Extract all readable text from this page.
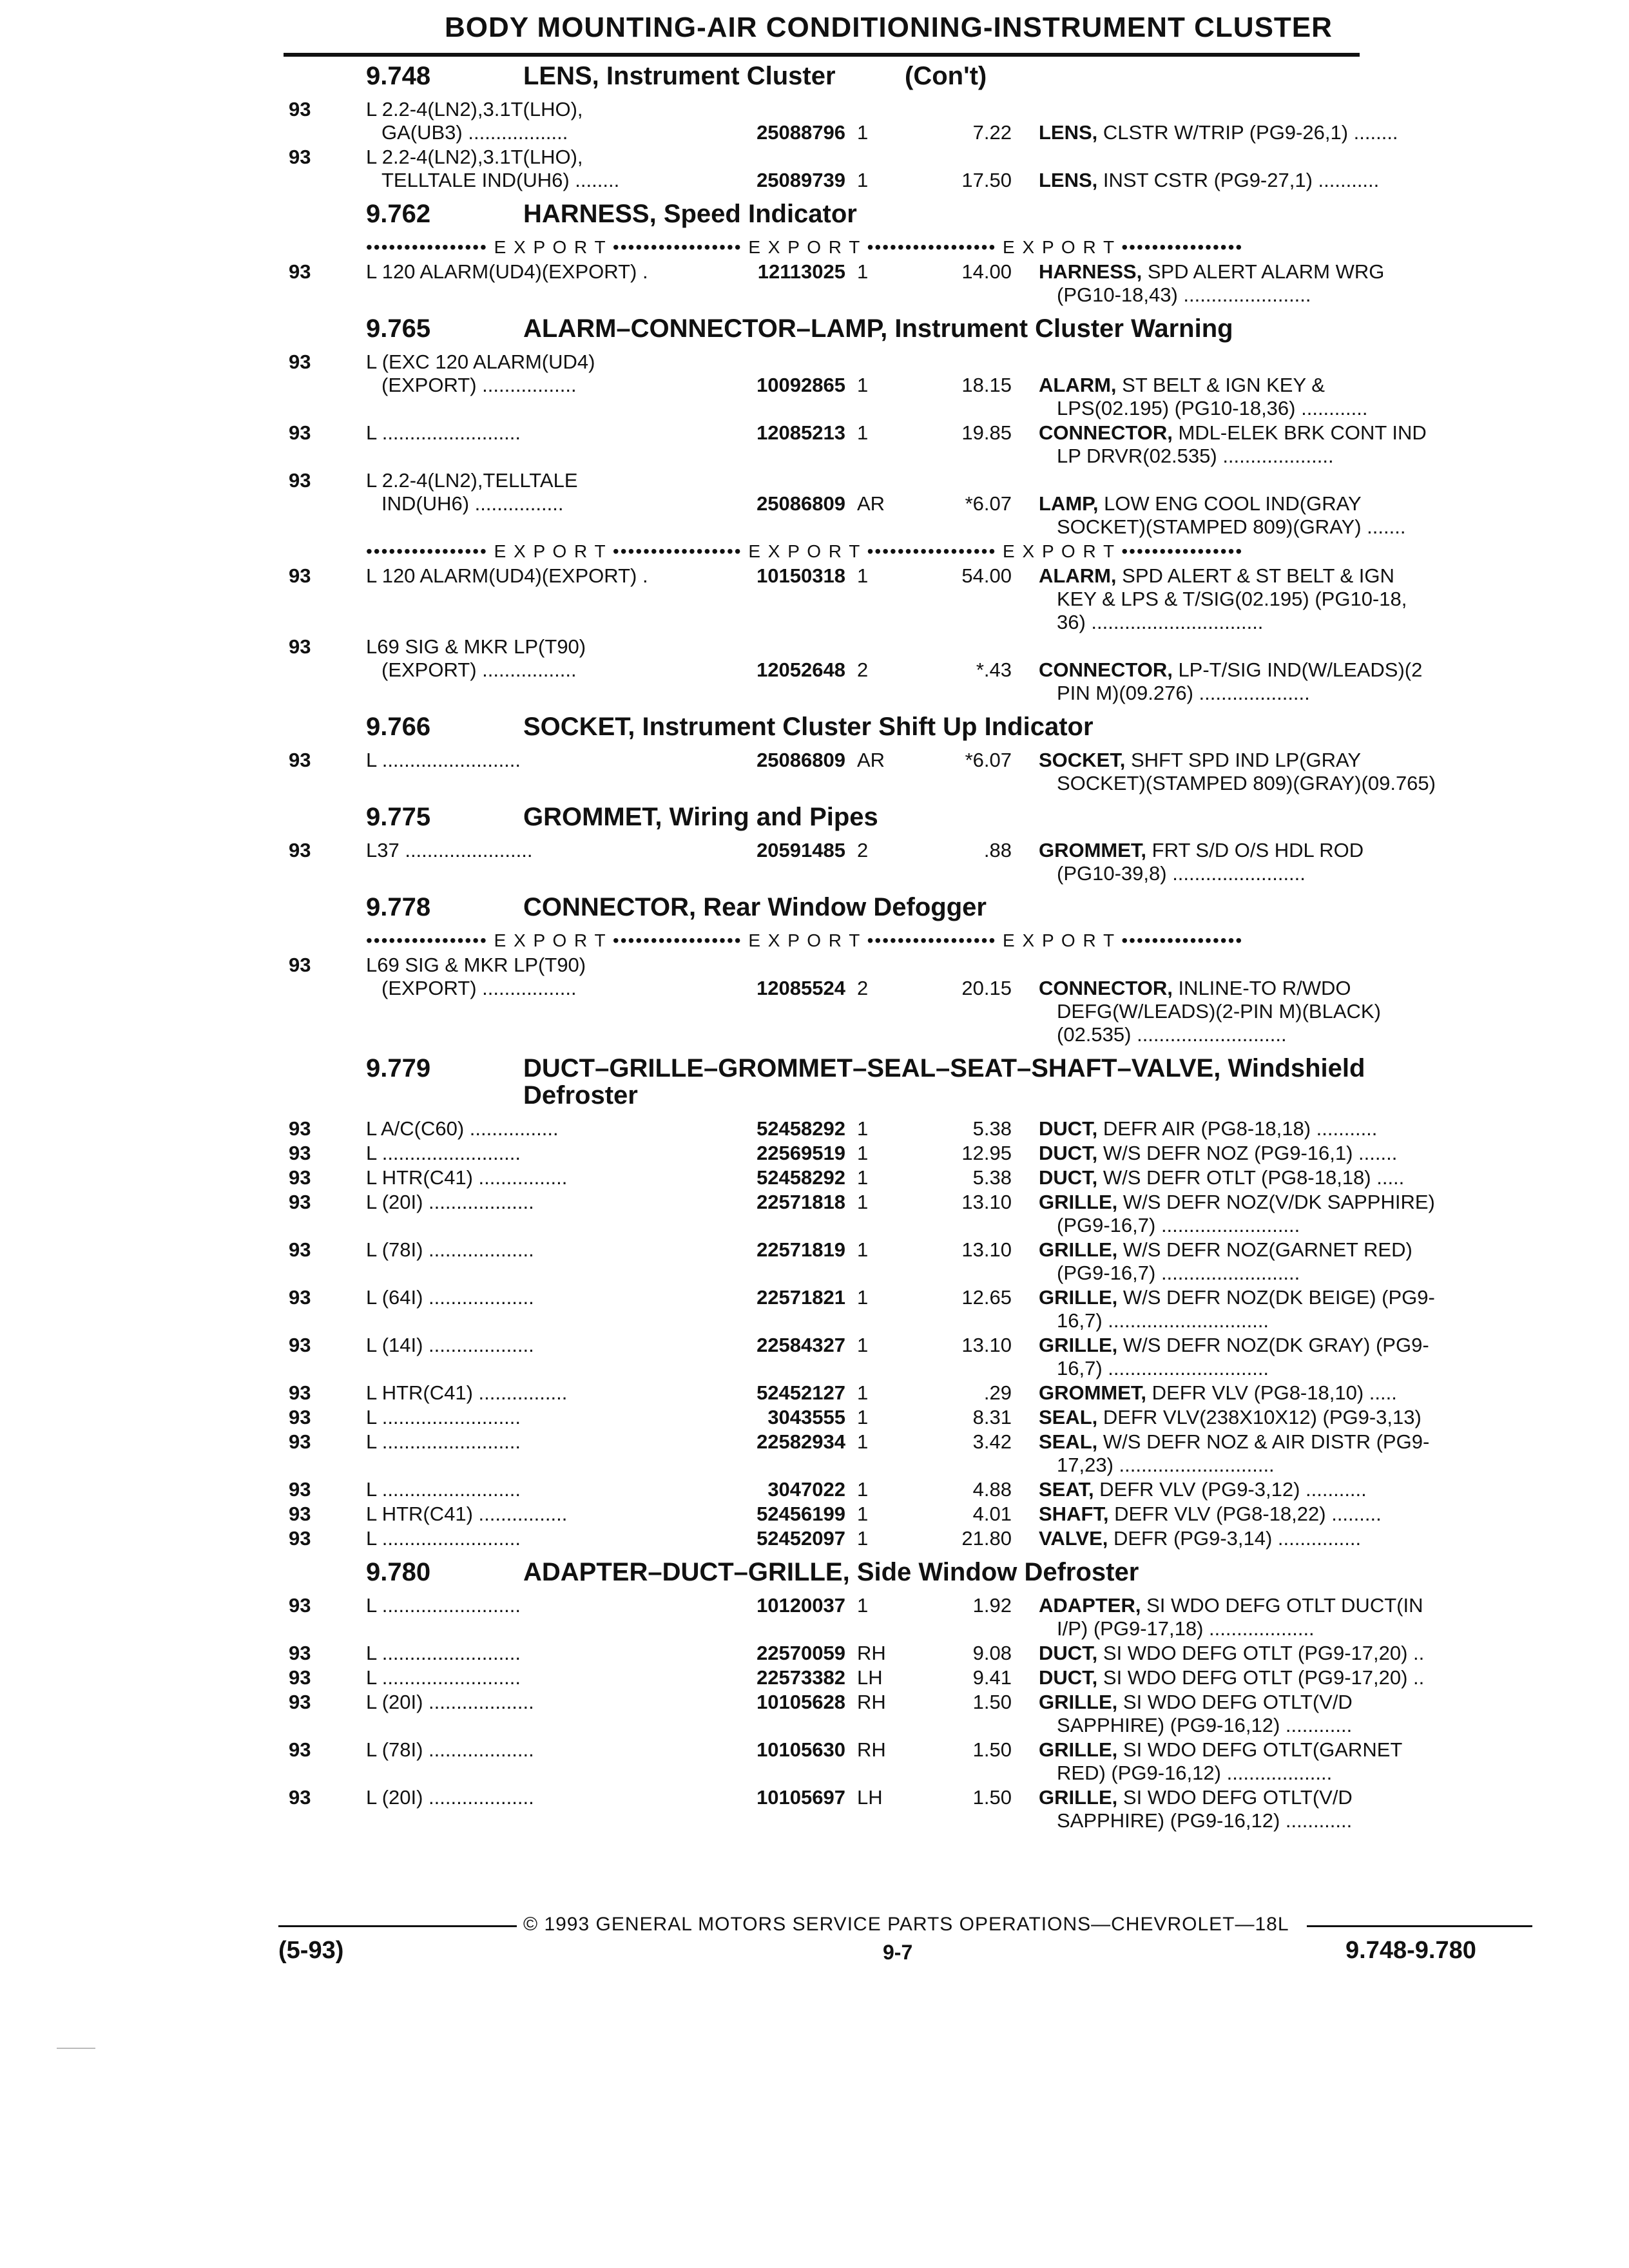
BODY MOUNTING-AIR CONDITIONING-INSTRUMENT CLUSTER
9.748	LENS, Instrument Cluster	(Con't)
93	L 2.2-4(LN2),3.1T(LHO),
GA(UB3) ..................	25088796 1	7.22 LENS, CLSTR W/TRIP (PG9-26,1) ........
93	L 2.2-4(LN2),3.1T(LHO),
TELLTALE IND(UH6) ........	25089739 1	17.50 LENS, INST CSTR (PG9-27,1) ...........
9.762	HARNESS, Speed Indicator
•••••••••••••••• E X P O R T ••••••••••••••••• E X P O R T ••••••••••••••••• E X P O R T ••••••••••••••••
93	L 120 ALARM(UD4)(EXPORT) .	12113025 1	14.00 HARNESS, SPD ALERT ALARM WRG
(PG10-18,43) .......................
9.765	ALARM–CONNECTOR–LAMP, Instrument Cluster Warning
93	L (EXC 120 ALARM(UD4)
(EXPORT) .................	10092865 1	18.15 ALARM, ST BELT & IGN KEY &
LPS(02.195) (PG10-18,36) ............
93	L .........................	12085213 1	19.85 CONNECTOR, MDL-ELEK BRK CONT IND
LP DRVR(02.535) ....................
93	L 2.2-4(LN2),TELLTALE
IND(UH6) ................	25086809 AR	*6.07 LAMP, LOW ENG COOL IND(GRAY
SOCKET)(STAMPED 809)(GRAY) .......
•••••••••••••••• E X P O R T ••••••••••••••••• E X P O R T ••••••••••••••••• E X P O R T ••••••••••••••••
93	L 120 ALARM(UD4)(EXPORT) .	10150318 1	54.00 ALARM, SPD ALERT & ST BELT & IGN
KEY & LPS & T/SIG(02.195) (PG10-18,
36) ...............................
93	L69 SIG & MKR LP(T90)
(EXPORT) .................	12052648 2	*.43 CONNECTOR, LP-T/SIG IND(W/LEADS)(2
PIN M)(09.276) ....................
9.766	SOCKET, Instrument Cluster Shift Up Indicator
93	L .........................	25086809 AR	*6.07 SOCKET, SHFT SPD IND LP(GRAY
SOCKET)(STAMPED 809)(GRAY)(09.765)
9.775	GROMMET, Wiring and Pipes
93	L37 .......................	20591485 2	.88 GROMMET, FRT S/D O/S HDL ROD
(PG10-39,8) ........................
9.778	CONNECTOR, Rear Window Defogger
•••••••••••••••• E X P O R T ••••••••••••••••• E X P O R T ••••••••••••••••• E X P O R T ••••••••••••••••
93	L69 SIG & MKR LP(T90)
(EXPORT) .................	12085524 2	20.15 CONNECTOR, INLINE-TO R/WDO
DEFG(W/LEADS)(2-PIN M)(BLACK)
(02.535) ...........................
9.779	DUCT–GRILLE–GROMMET–SEAL–SEAT–SHAFT–VALVE, Windshield
Defroster
93	L A/C(C60) ................	52458292 1	5.38 DUCT, DEFR AIR (PG8-18,18) ...........
93	L .........................	22569519 1	12.95 DUCT, W/S DEFR NOZ (PG9-16,1) .......
93	L HTR(C41) ................	52458292 1	5.38 DUCT, W/S DEFR OTLT (PG8-18,18) .....
93	L (20I) ...................	22571818 1	13.10 GRILLE, W/S DEFR NOZ(V/DK SAPPHIRE)
(PG9-16,7) .........................
93	L (78I) ...................	22571819 1	13.10 GRILLE, W/S DEFR NOZ(GARNET RED)
(PG9-16,7) .........................
93	L (64I) ...................	22571821 1	12.65 GRILLE, W/S DEFR NOZ(DK BEIGE) (PG9-
16,7) .............................
93	L (14I) ...................	22584327 1	13.10 GRILLE, W/S DEFR NOZ(DK GRAY) (PG9-
16,7) .............................
93	L HTR(C41) ................	52452127 1	.29 GROMMET, DEFR VLV (PG8-18,10) .....
93	L .........................	3043555 1	8.31 SEAL, DEFR VLV(238X10X12) (PG9-3,13)
93	L .........................	22582934 1	3.42 SEAL, W/S DEFR NOZ & AIR DISTR (PG9-
17,23) ............................
93	L .........................	3047022 1	4.88 SEAT, DEFR VLV (PG9-3,12) ...........
93	L HTR(C41) ................	52456199 1	4.01 SHAFT, DEFR VLV (PG8-18,22) .........
93	L .........................	52452097 1	21.80 VALVE, DEFR (PG9-3,14) ...............
9.780	ADAPTER–DUCT–GRILLE, Side Window Defroster
93	L .........................	10120037 1	1.92 ADAPTER, SI WDO DEFG OTLT DUCT(IN
I/P) (PG9-17,18) ...................
93	L .........................	22570059 RH	9.08 DUCT, SI WDO DEFG OTLT (PG9-17,20) ..
93	L .........................	22573382 LH	9.41 DUCT, SI WDO DEFG OTLT (PG9-17,20) ..
93	L (20I) ...................	10105628 RH	1.50 GRILLE, SI WDO DEFG OTLT(V/D
SAPPHIRE) (PG9-16,12) ............
93	L (78I) ...................	10105630 RH	1.50 GRILLE, SI WDO DEFG OTLT(GARNET
RED) (PG9-16,12) ...................
93	L (20I) ...................	10105697 LH	1.50 GRILLE, SI WDO DEFG OTLT(V/D
SAPPHIRE) (PG9-16,12) ............
© 1993 GENERAL MOTORS SERVICE PARTS OPERATIONS—CHEVROLET—18L
(5-93)	9-7	9.748-9.780
